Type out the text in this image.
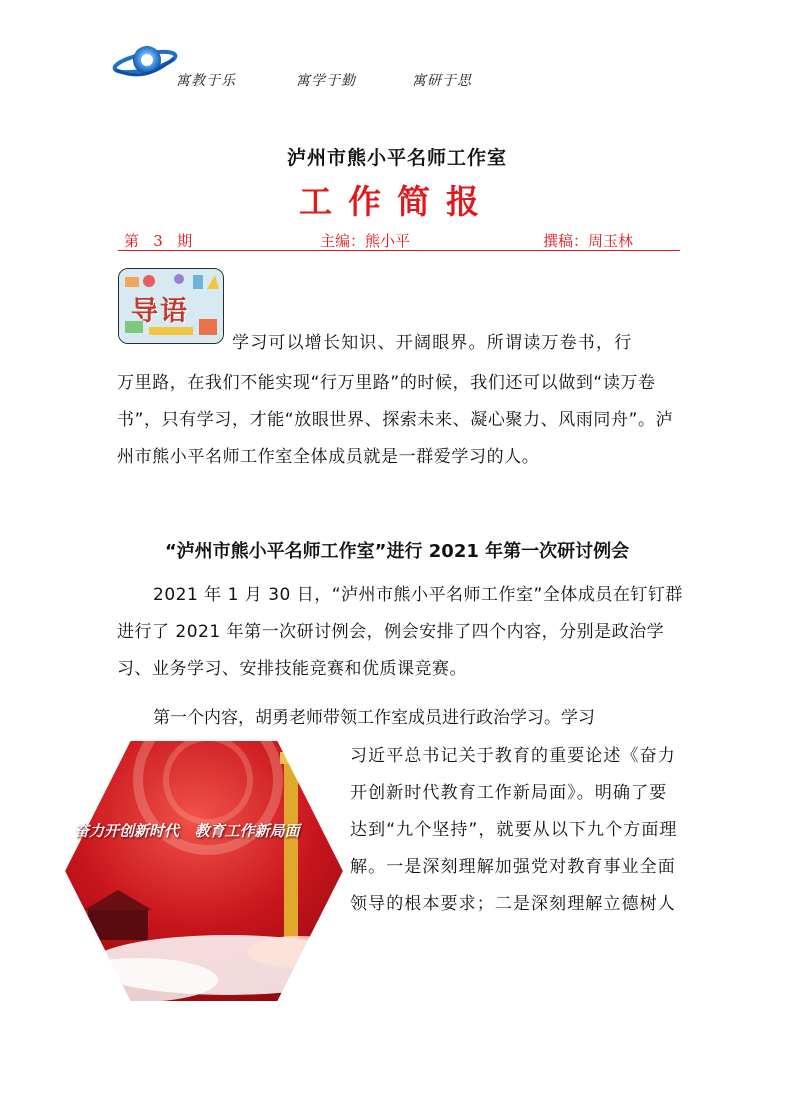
寓教于乐	寓学于勤	寓研于思
泸州市熊小平名师工作室
工作简报
第   3   期	主编：熊小平	撰稿：周玉林
导语
学习可以增长知识、开阔眼界。所谓读万卷书，行
万里路，在我们不能实现“行万里路”的时候，我们还可以做到“读万卷书”，只有学习，才能“放眼世界、探索未来、凝心聚力、风雨同舟”。泸州市熊小平名师工作室全体成员就是一群爱学习的人。
“泸州市熊小平名师工作室”进行 2021 年第一次研讨例会
2021 年 1 月 30 日，“泸州市熊小平名师工作室”全体成员在钉钉群进行了 2021 年第一次研讨例会，例会安排了四个内容，分别是政治学习、业务学习、安排技能竞赛和优质课竞赛。
第一个内容，胡勇老师带领工作室成员进行政治学习。学习
习近平总书记关于教育的重要论述《奋力开创新时代教育工作新局面》。明确了要达到“九个坚持”，就要从以下九个方面理解。一是深刻理解加强党对教育事业全面领导的根本要求；二是深刻理解立德树人
奋力开创新时代   教育工作新局面
